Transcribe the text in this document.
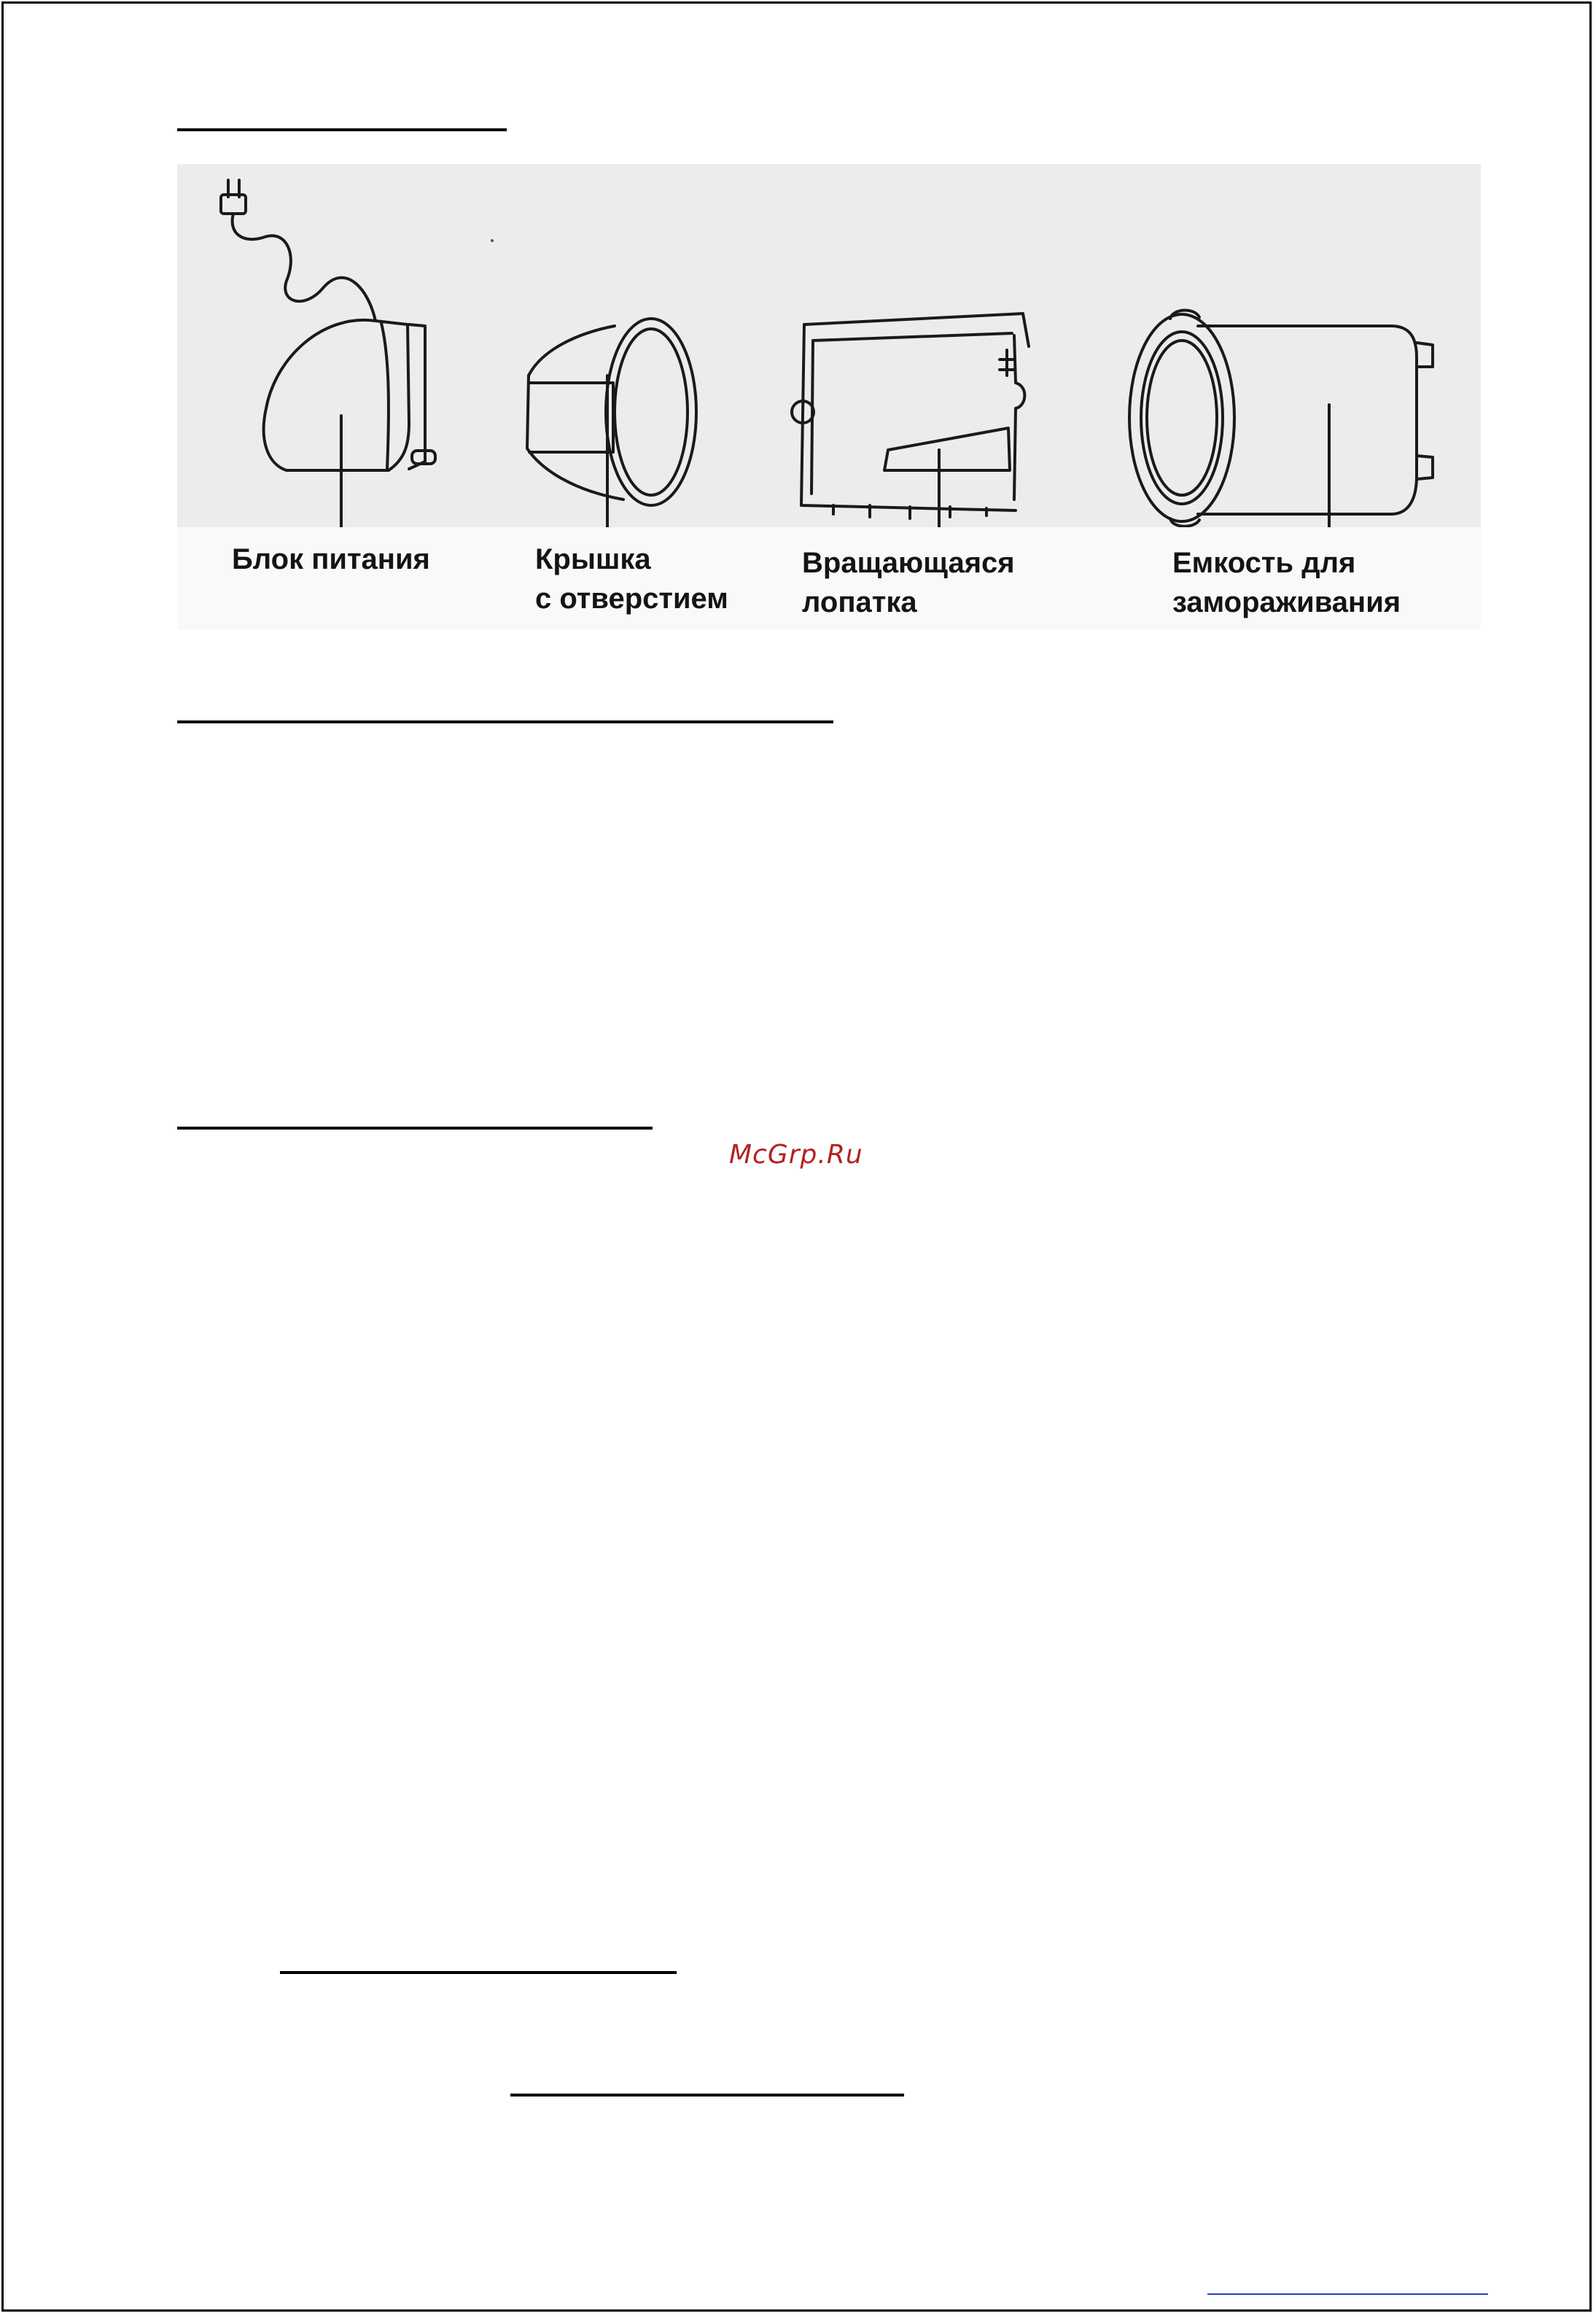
Блок питания	Крышка
с отверстием
Вращающаяся
лопатка
Емкость для
замораживания
McGrp.Ru
